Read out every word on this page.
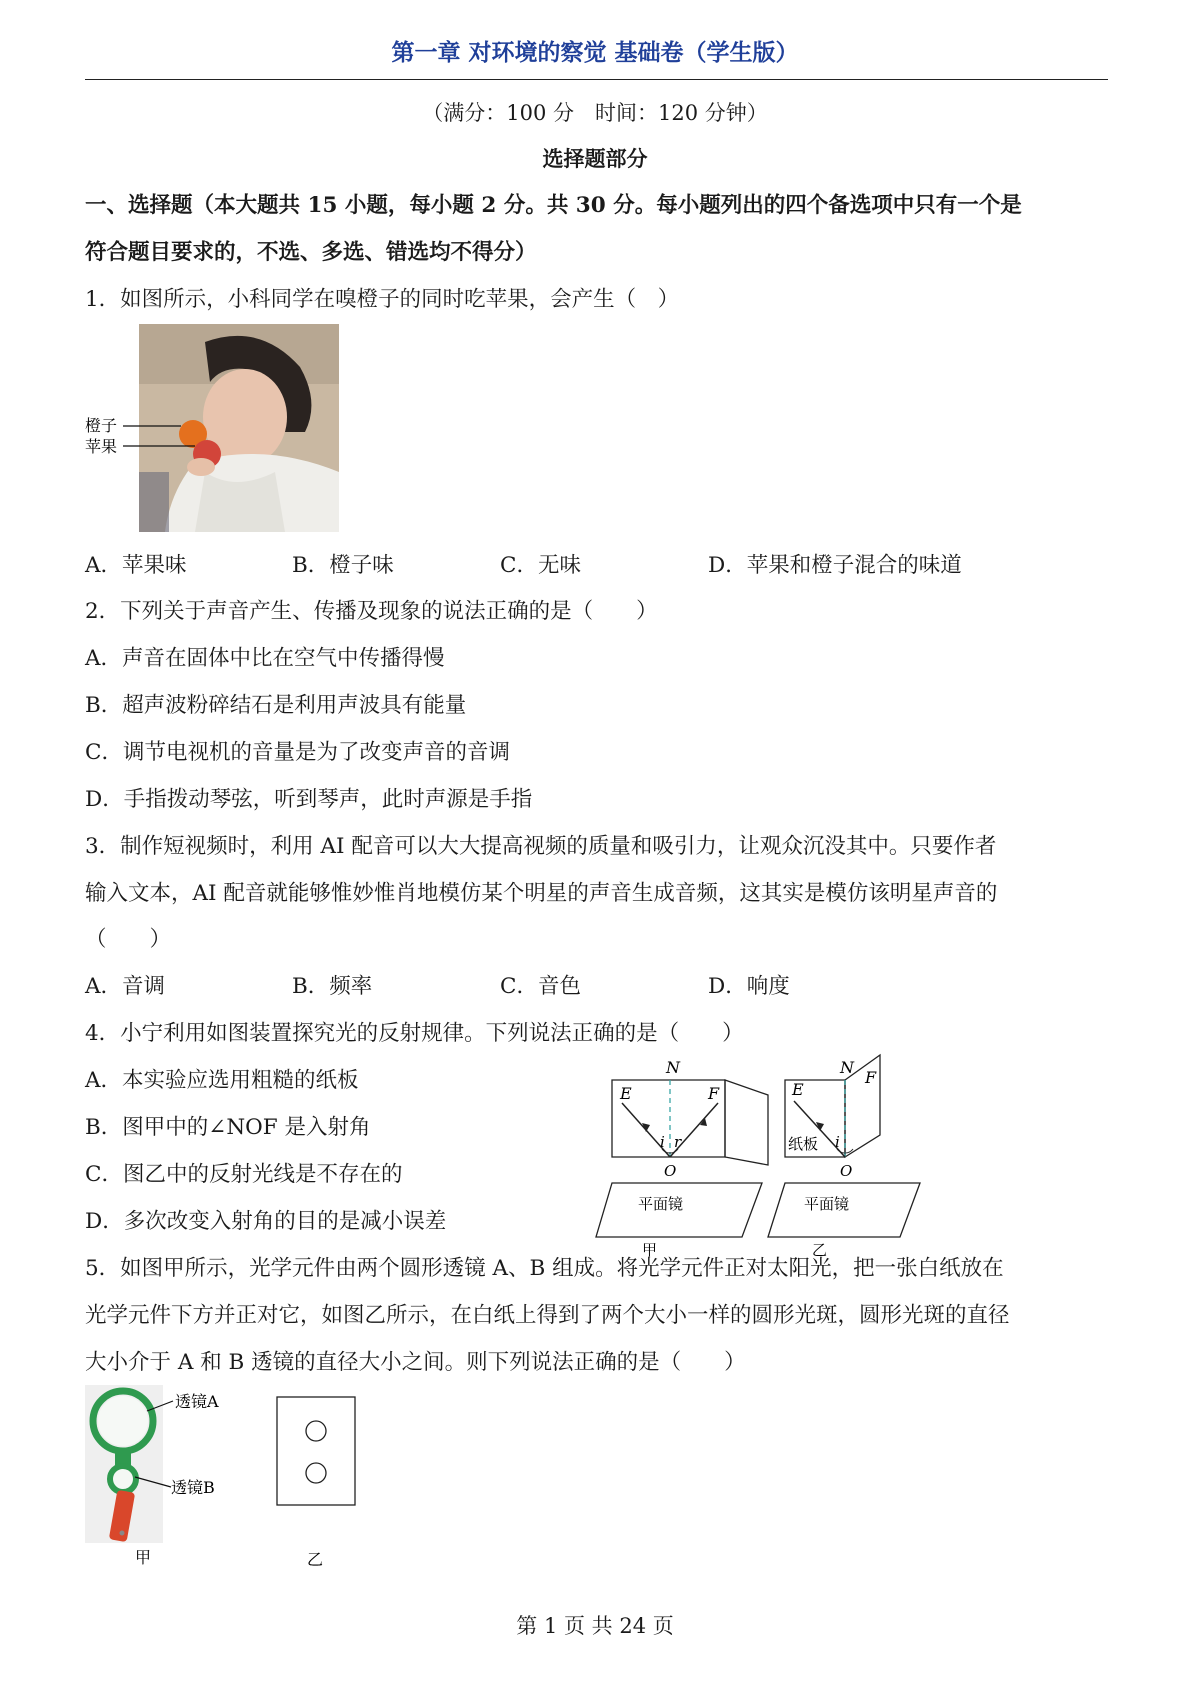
第一章 对环境的察觉 基础卷（学生版）
（满分：100 分　时间：120 分钟）
选择题部分
一、选择题（本大题共 15 小题，每小题 2 分。共 30 分。每小题列出的四个备选项中只有一个是
符合题目要求的，不选、多选、错选均不得分）
1．如图所示，小科同学在嗅橙子的同时吃苹果，会产生（　）
橙子
苹果
A．苹果味	B．橙子味	C．无味	D．苹果和橙子混合的味道
2．下列关于声音产生、传播及现象的说法正确的是（　　）
A．声音在固体中比在空气中传播得慢
B．超声波粉碎结石是利用声波具有能量
C．调节电视机的音量是为了改变声音的音调
D．手指拨动琴弦，听到琴声，此时声源是手指
3．制作短视频时，利用 AI 配音可以大大提高视频的质量和吸引力，让观众沉没其中。只要作者
输入文本，AI 配音就能够惟妙惟肖地模仿某个明星的声音生成音频，这其实是模仿该明星声音的
（　　）
A．音调	B．频率	C．音色	D．响度
4．小宁利用如图装置探究光的反射规律。下列说法正确的是（　　）
A．本实验应选用粗糙的纸板
B．图甲中的∠NOF 是入射角
C．图乙中的反射光线是不存在的
D．多次改变入射角的目的是减小误差
N
E	F
i r
O
平面镜
甲
N
E
F
i
纸板
O
平面镜
乙
5．如图甲所示，光学元件由两个圆形透镜 A、B 组成。将光学元件正对太阳光，把一张白纸放在
光学元件下方并正对它，如图乙所示，在白纸上得到了两个大小一样的圆形光斑，圆形光斑的直径
大小介于 A 和 B 透镜的直径大小之间。则下列说法正确的是（　　）
透镜A
透镜B
甲	乙
第 1 页 共 24 页
